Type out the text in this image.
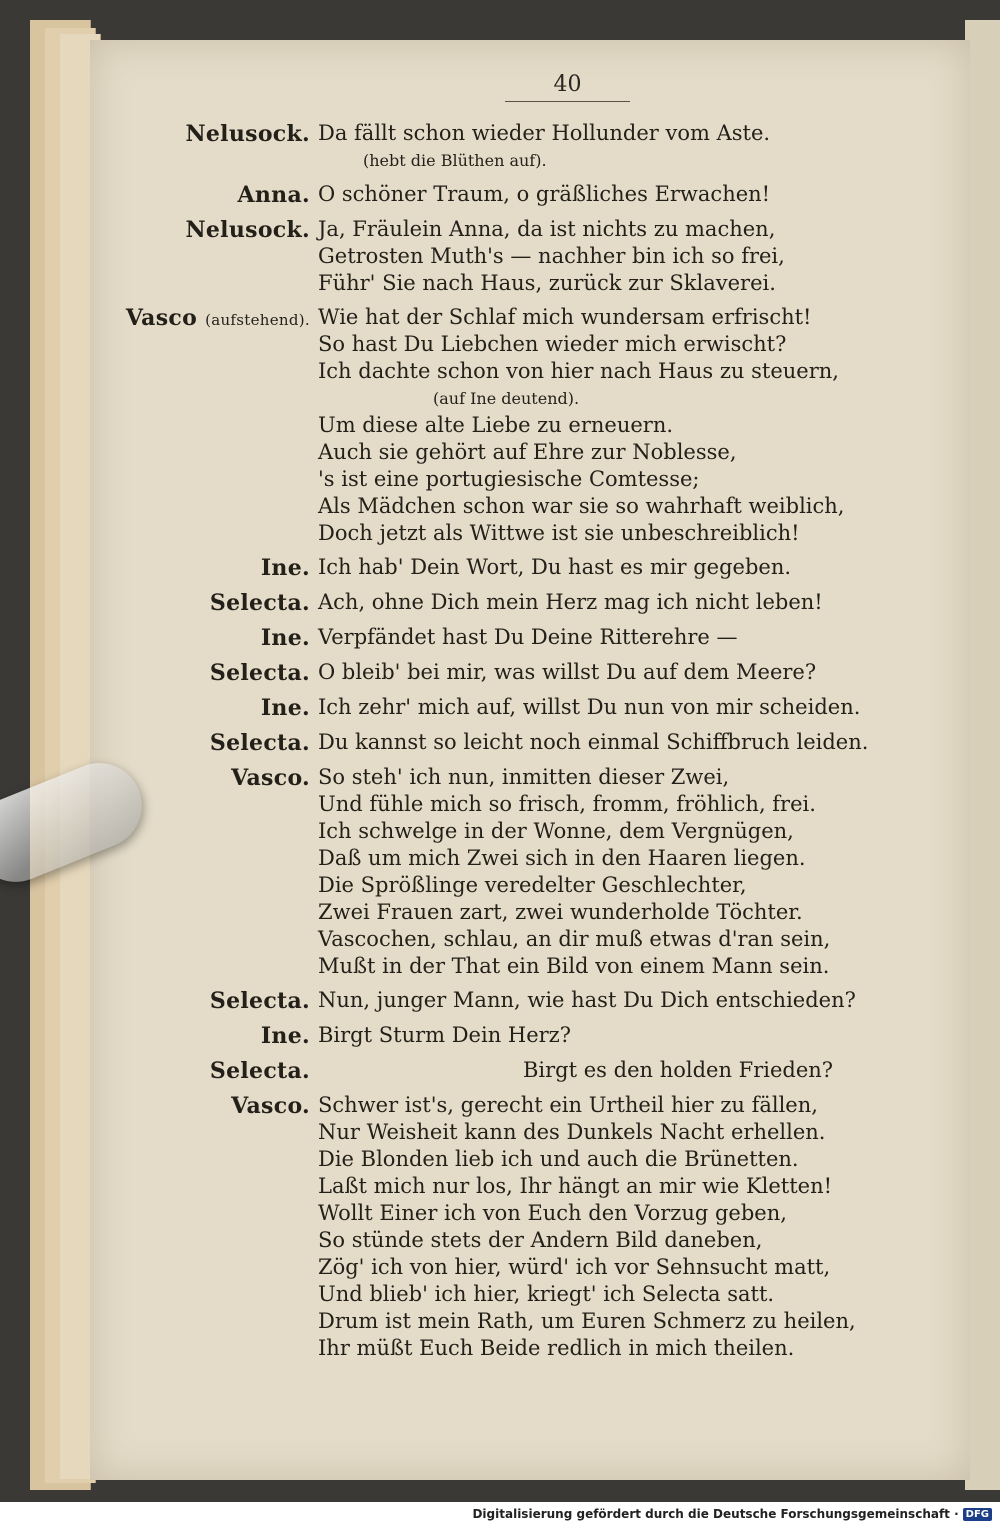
40
Nelusock. Da fällt schon wieder Hollunder vom Aste.
(hebt die Blüthen auf).
Anna. O schöner Traum, o gräßliches Erwachen!
Nelusock. Ja, Fräulein Anna, da ist nichts zu machen,
Getrosten Muth's — nachher bin ich so frei,
Führ' Sie nach Haus, zurück zur Sklaverei.
Vasco (aufstehend). Wie hat der Schlaf mich wundersam erfrischt!
So hast Du Liebchen wieder mich erwischt?
Ich dachte schon von hier nach Haus zu steuern,
(auf Ine deutend).
Um diese alte Liebe zu erneuern.
Auch sie gehört auf Ehre zur Noblesse,
's ist eine portugiesische Comtesse;
Als Mädchen schon war sie so wahrhaft weiblich,
Doch jetzt als Wittwe ist sie unbeschreiblich!
Ine. Ich hab' Dein Wort, Du hast es mir gegeben.
Selecta. Ach, ohne Dich mein Herz mag ich nicht leben!
Ine. Verpfändet hast Du Deine Ritterehre —
Selecta. O bleib' bei mir, was willst Du auf dem Meere?
Ine. Ich zehr' mich auf, willst Du nun von mir scheiden.
Selecta. Du kannst so leicht noch einmal Schiffbruch leiden.
Vasco. So steh' ich nun, inmitten dieser Zwei,
Und fühle mich so frisch, fromm, fröhlich, frei.
Ich schwelge in der Wonne, dem Vergnügen,
Daß um mich Zwei sich in den Haaren liegen.
Die Sprößlinge veredelter Geschlechter,
Zwei Frauen zart, zwei wunderholde Töchter.
Vascochen, schlau, an dir muß etwas d'ran sein,
Mußt in der That ein Bild von einem Mann sein.
Selecta. Nun, junger Mann, wie hast Du Dich entschieden?
Ine. Birgt Sturm Dein Herz?
Selecta.	Birgt es den holden Frieden?
Vasco. Schwer ist's, gerecht ein Urtheil hier zu fällen,
Nur Weisheit kann des Dunkels Nacht erhellen.
Die Blonden lieb ich und auch die Brünetten.
Laßt mich nur los, Ihr hängt an mir wie Kletten!
Wollt Einer ich von Euch den Vorzug geben,
So stünde stets der Andern Bild daneben,
Zög' ich von hier, würd' ich vor Sehnsucht matt,
Und blieb' ich hier, kriegt' ich Selecta satt.
Drum ist mein Rath, um Euren Schmerz zu heilen,
Ihr müßt Euch Beide redlich in mich theilen.
Digitalisierung gefördert durch die Deutsche Forschungsgemeinschaft · DFG
